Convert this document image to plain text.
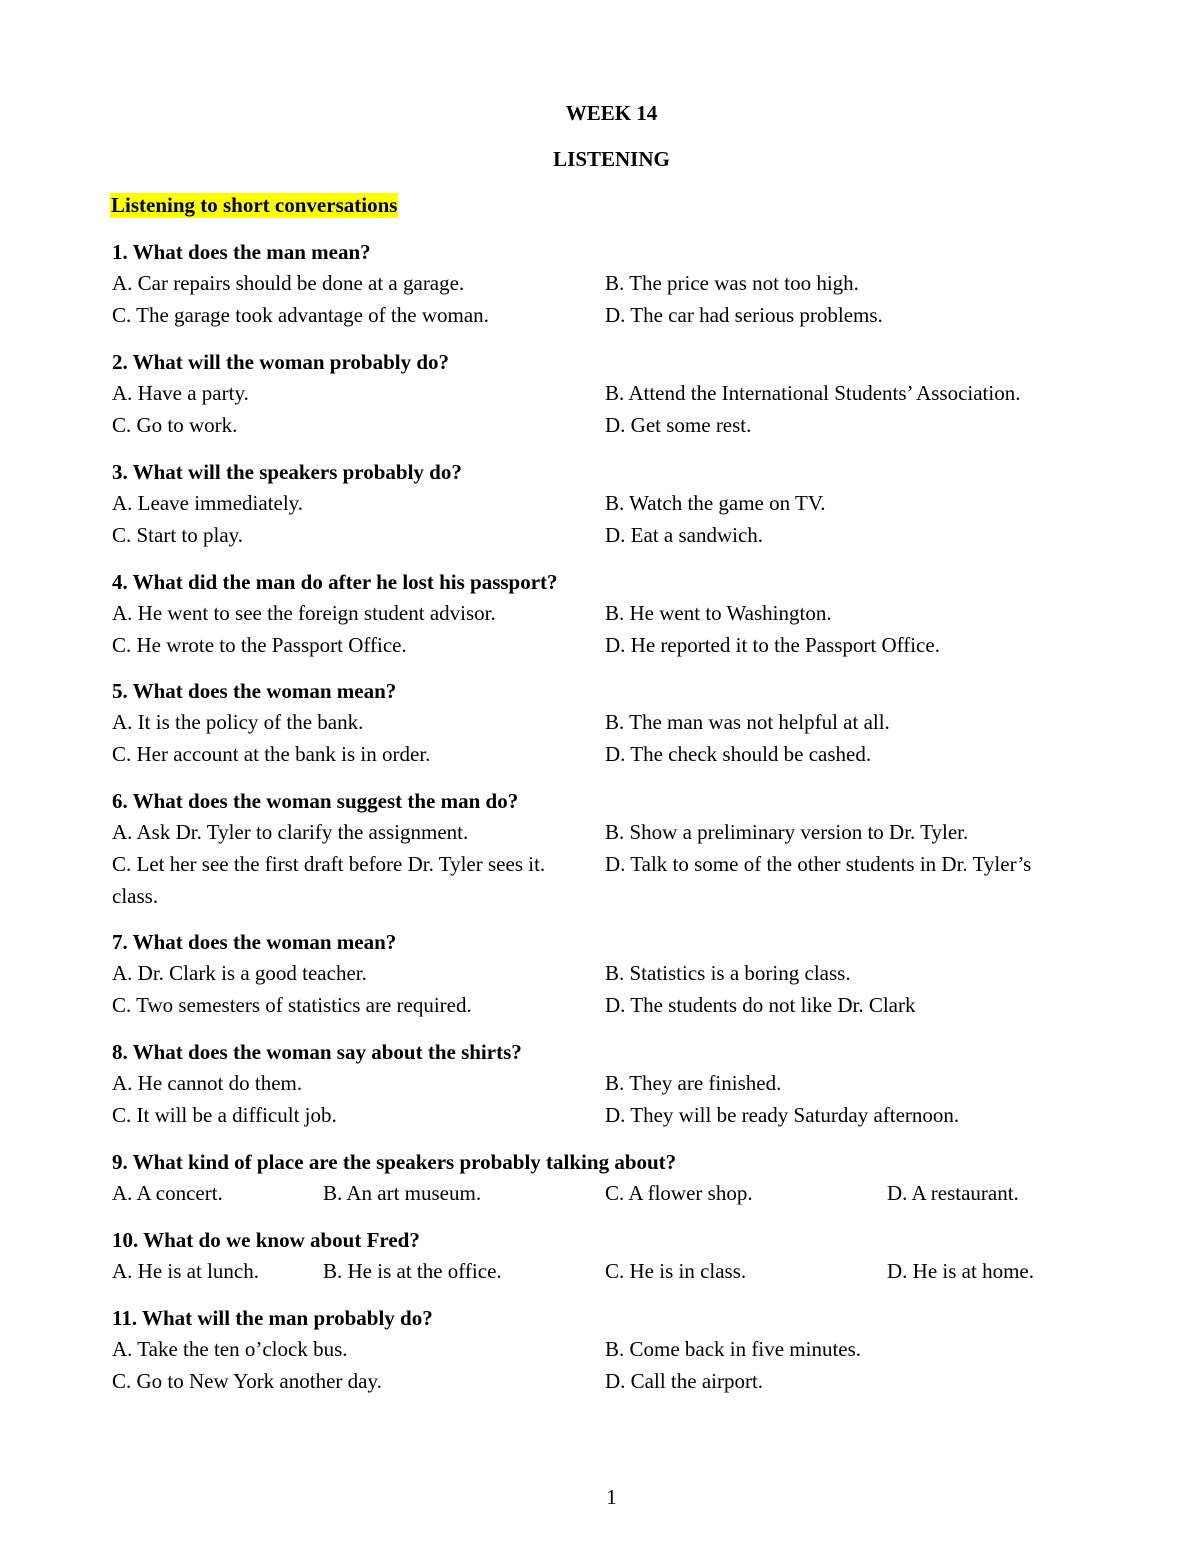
WEEK 14
LISTENING
Listening to short conversations
1. What does the man mean?
A. Car repairs should be done at a garage.	B. The price was not too high.
C. The garage took advantage of the woman.	D. The car had serious problems.
2. What will the woman probably do?
A. Have a party.	B. Attend the International Students’ Association.
C. Go to work.	D. Get some rest.
3. What will the speakers probably do?
A. Leave immediately.	B. Watch the game on TV.
C. Start to play.	D. Eat a sandwich.
4. What did the man do after he lost his passport?
A. He went to see the foreign student advisor.	B. He went to Washington.
C. He wrote to the Passport Office.	D. He reported it to the Passport Office.
5. What does the woman mean?
A. It is the policy of the bank.	B. The man was not helpful at all.
C. Her account at the bank is in order.	D. The check should be cashed.
6. What does the woman suggest the man do?
A. Ask Dr. Tyler to clarify the assignment.	B. Show a preliminary version to Dr. Tyler.
C. Let her see the first draft before Dr. Tyler sees it.	D. Talk to some of the other students in Dr. Tyler’s
class.
7. What does the woman mean?
A. Dr. Clark is a good teacher.	B. Statistics is a boring class.
C. Two semesters of statistics are required.	D. The students do not like Dr. Clark
8. What does the woman say about the shirts?
A. He cannot do them.	B. They are finished.
C. It will be a difficult job.	D. They will be ready Saturday afternoon.
9. What kind of place are the speakers probably talking about?
A. A concert.	B. An art museum.	C. A flower shop.	D. A restaurant.
10. What do we know about Fred?
A. He is at lunch.	B. He is at the office.	C. He is in class.	D. He is at home.
11. What will the man probably do?
A. Take the ten o’clock bus.	B. Come back in five minutes.
C. Go to New York another day.	D. Call the airport.
1
